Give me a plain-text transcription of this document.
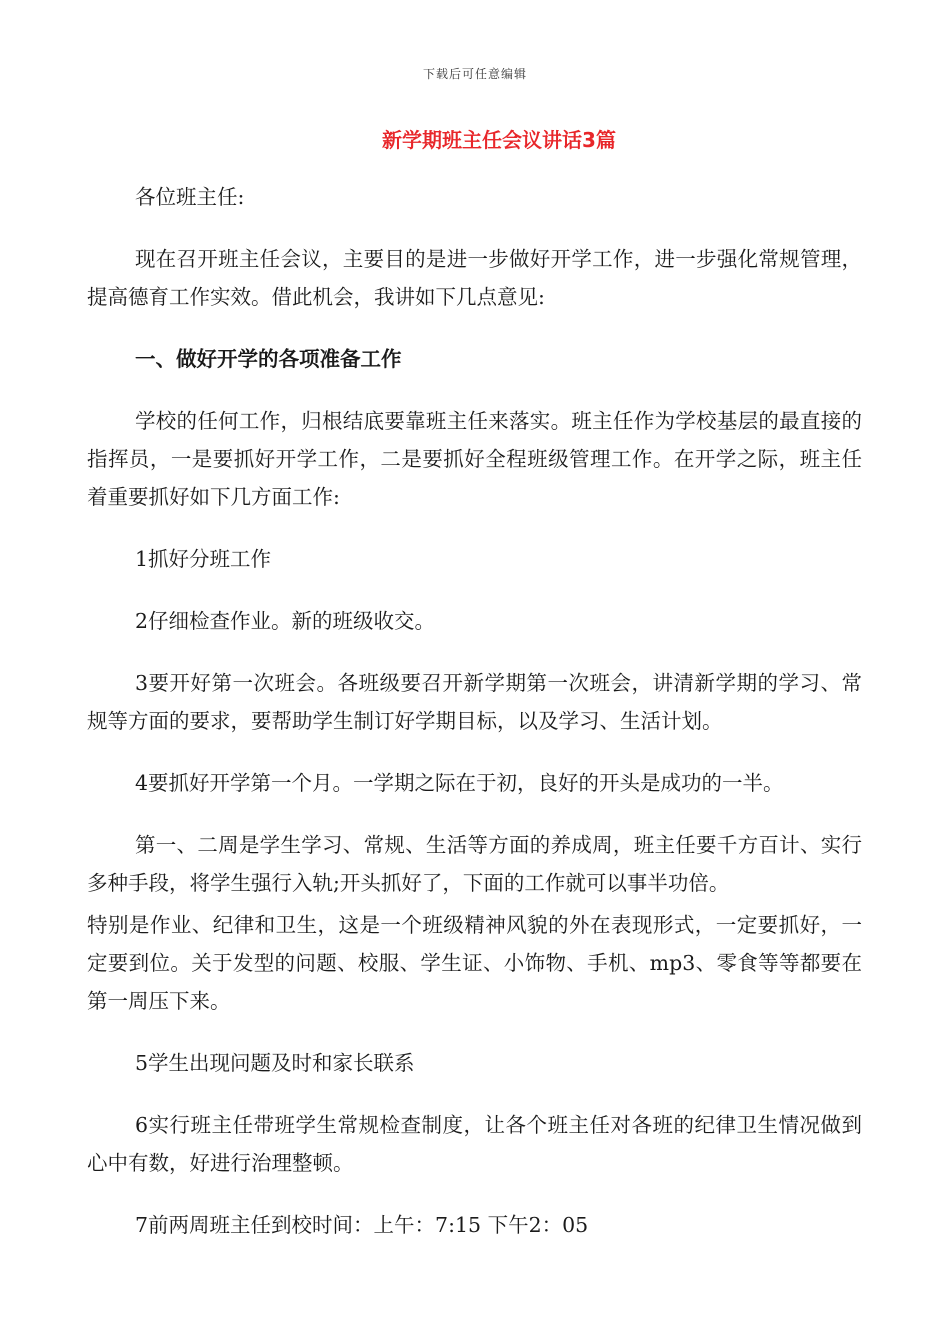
下载后可任意编辑
新学期班主任会议讲话3篇

各位班主任:

现在召开班主任会议，主要目的是进一步做好开学工作，进一步强化常规管理，提高德育工作实效。借此机会，我讲如下几点意见:

一、做好开学的各项准备工作

学校的任何工作，归根结底要靠班主任来落实。班主任作为学校基层的最直接的指挥员，一是要抓好开学工作，二是要抓好全程班级管理工作。在开学之际，班主任着重要抓好如下几方面工作:

1抓好分班工作

2仔细检查作业。新的班级收交。

3要开好第一次班会。各班级要召开新学期第一次班会，讲清新学期的学习、常规等方面的要求，要帮助学生制订好学期目标，以及学习、生活计划。

4要抓好开学第一个月。一学期之际在于初，良好的开头是成功的一半。

第一、二周是学生学习、常规、生活等方面的养成周，班主任要千方百计、实行多种手段，将学生强行入轨;开头抓好了，下面的工作就可以事半功倍。

特别是作业、纪律和卫生，这是一个班级精神风貌的外在表现形式，一定要抓好，一定要到位。关于发型的问题、校服、学生证、小饰物、手机、mp3、零食等等都要在第一周压下来。

5学生出现问题及时和家长联系

6实行班主任带班学生常规检查制度，让各个班主任对各班的纪律卫生情况做到心中有数，好进行治理整顿。

7前两周班主任到校时间：上午：7:15 下午2：05
